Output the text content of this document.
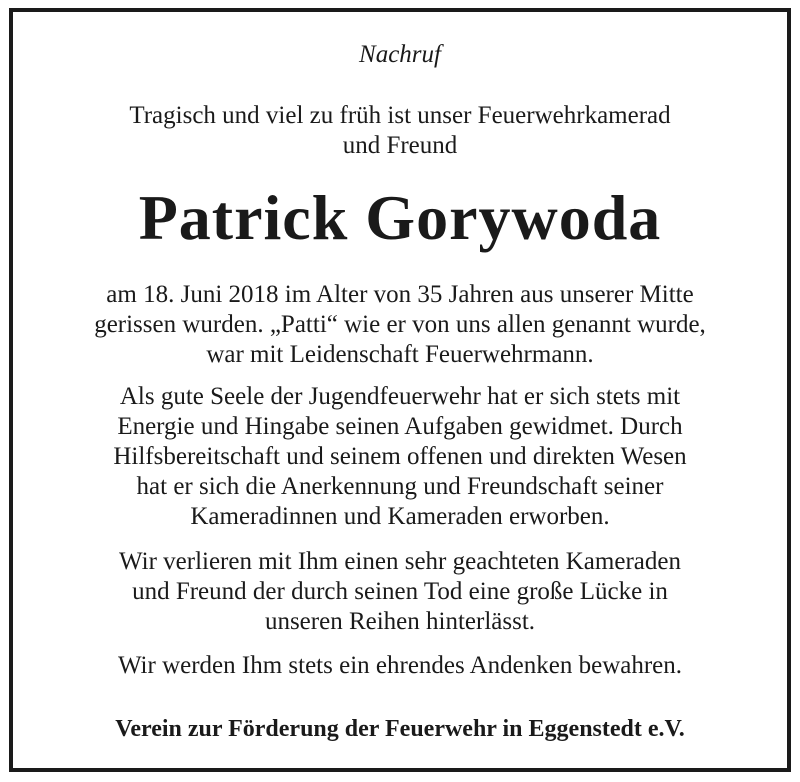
Nachruf
Tragisch und viel zu früh ist unser Feuerwehrkamerad
und Freund
Patrick Gorywoda
am 18. Juni 2018 im Alter von 35 Jahren aus unserer Mitte
gerissen wurden. „Patti“ wie er von uns allen genannt wurde,
war mit Leidenschaft Feuerwehrmann.
Als gute Seele der Jugendfeuerwehr hat er sich stets mit
Energie und Hingabe seinen Aufgaben gewidmet. Durch
Hilfsbereitschaft und seinem offenen und direkten Wesen
hat er sich die Anerkennung und Freundschaft seiner
Kameradinnen und Kameraden erworben.
Wir verlieren mit Ihm einen sehr geachteten Kameraden
und Freund der durch seinen Tod eine große Lücke in
unseren Reihen hinterlässt.
Wir werden Ihm stets ein ehrendes Andenken bewahren.
Verein zur Förderung der Feuerwehr in Eggenstedt e.V.
